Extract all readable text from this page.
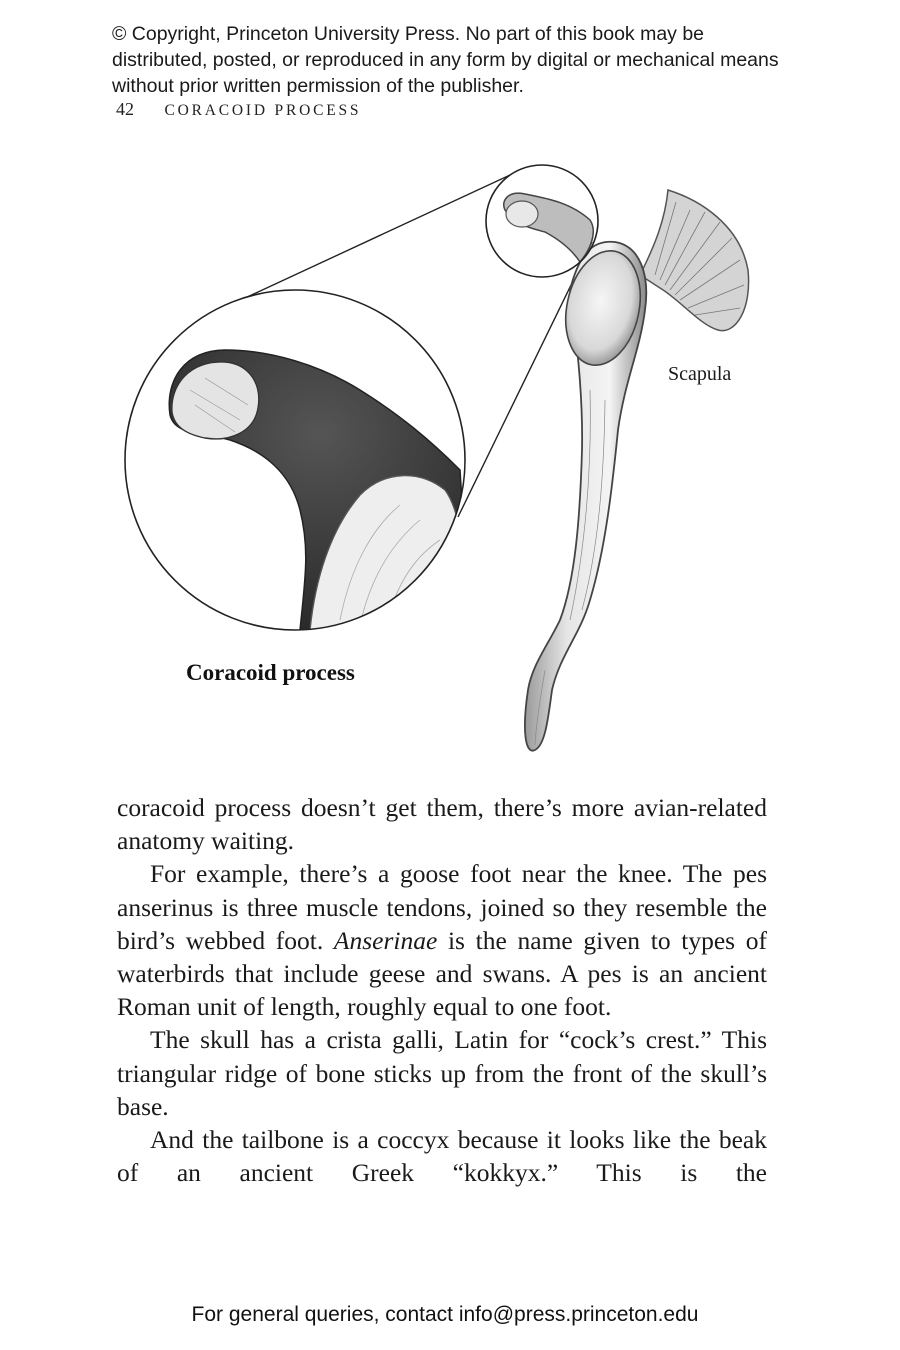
© Copyright, Princeton University Press. No part of this book may be distributed, posted, or reproduced in any form by digital or mechanical means without prior written permission of the publisher.
42 CORACOID PROCESS
Scapula
Coracoid process

coracoid process doesn’t get them, there’s more avian-related anatomy waiting.

For example, there’s a goose foot near the knee. The pes anserinus is three muscle tendons, joined so they resemble the bird’s webbed foot. Anserinae is the name given to types of waterbirds that include geese and swans. A pes is an ancient Roman unit of length, roughly equal to one foot.

The skull has a crista galli, Latin for “cock’s crest.” This triangular ridge of bone sticks up from the front of the skull’s base.

And the tailbone is a coccyx because it looks like the beak of an ancient Greek “kokkyx.” This is the

For general queries, contact info@press.princeton.edu
